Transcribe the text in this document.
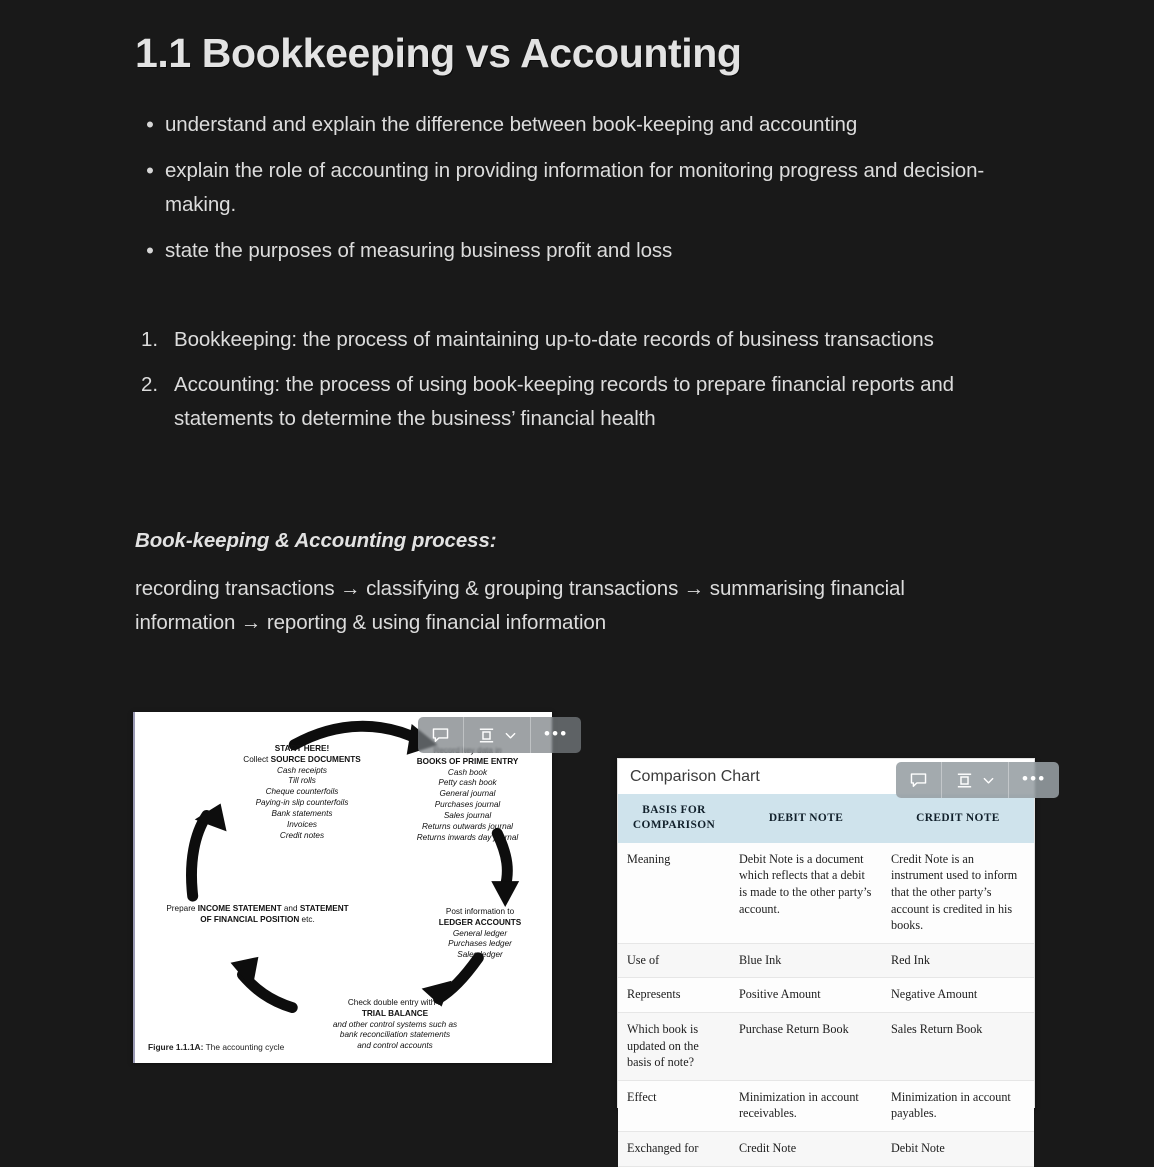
1.1 Bookkeeping vs Accounting
• understand and explain the difference between book-keeping and accounting
• explain the role of accounting in providing information for monitoring progress and decision-making.
• state the purposes of measuring business profit and loss
1. Bookkeeping: the process of maintaining up-to-date records of business transactions
2. Accounting: the process of using book-keeping records to prepare financial reports and statements to determine the business’ financial health
Book-keeping & Accounting process:
recording transactions → classifying & grouping transactions → summarising financial information → reporting & using financial information
START HERE!
Collect SOURCE DOCUMENTS
Cash receipts
Till rolls
Cheque counterfoils
Paying-in slip counterfoils
Bank statements
Invoices
Credit notes

BOOKS OF PRIME ENTRY
Cash book
Petty cash book
General journal
Purchases journal
Sales journal
Returns outwards journal
Returns inwards day journal
Post information to
LEDGER ACCOUNTS
General ledger
Purchases ledger
Sales ledger
Check double entry with a
TRIAL BALANCE
and other control systems such as
bank reconciliation statements
and control accounts
Prepare INCOME STATEMENT and STATEMENT OF FINANCIAL POSITION etc.
Figure 1.1.1A: The accounting cycle
•••
Comparison Chart
BASIS FOR COMPARISON	DEBIT NOTE	CREDIT NOTE
Meaning	Debit Note is a document which reflects that a debit is made to the other party’s account.	Credit Note is an instrument used to inform that the other party’s account is credited in his books.
Use of	Blue Ink	Red Ink
Represents	Positive Amount	Negative Amount
Which book is updated on the basis of note?	Purchase Return Book	Sales Return Book
Effect	Minimization in account receivables.	Minimization in account payables.
Exchanged for	Credit Note	Debit Note
•••
